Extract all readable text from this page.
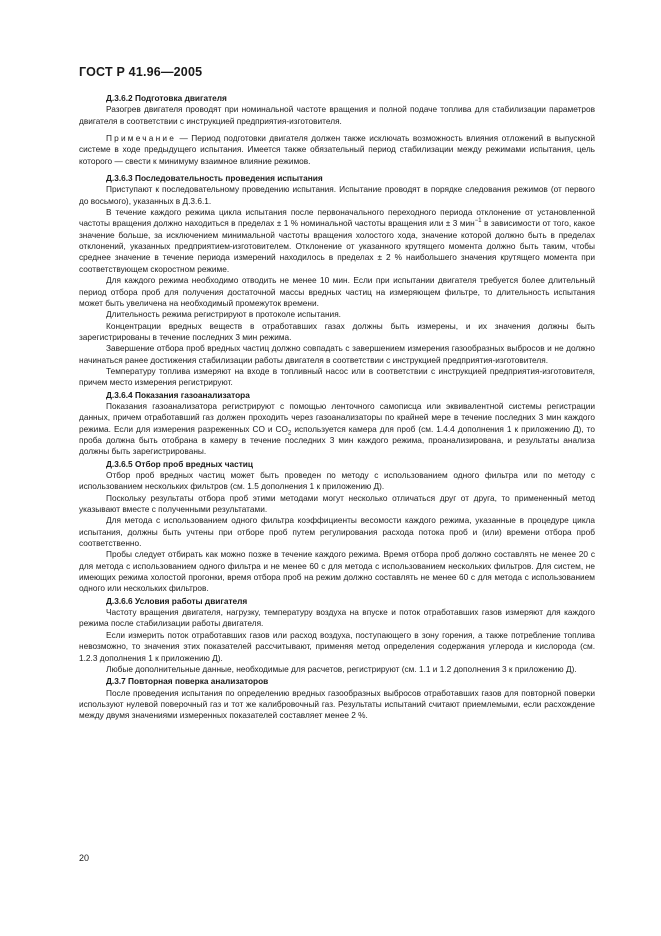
ГОСТ Р 41.96—2005

Д.3.6.2 Подготовка двигателя

Разогрев двигателя проводят при номинальной частоте вращения и полной подаче топлива для стабилизации параметров двигателя в соответствии с инструкцией предприятия-изготовителя.

Примечание — Период подготовки двигателя должен также исключать возможность влияния отложений в выпускной системе в ходе предыдущего испытания. Имеется также обязательный период стабилизации между режимами испытания, цель которого — свести к минимуму взаимное влияние режимов.

Д.3.6.3 Последовательность проведения испытания

Приступают к последовательному проведению испытания. Испытание проводят в порядке следования режимов (от первого до восьмого), указанных в Д.3.6.1.

В течение каждого режима цикла испытания после первоначального переходного периода отклонение от установленной частоты вращения должно находиться в пределах ± 1 % номинальной частоты вращения или ± 3 мин$^{-1}$ в зависимости от того, какое значение больше, за исключением минимальной частоты вращения холостого хода, значение которой должно быть в пределах отклонений, указанных предприятием-изготовителем. Отклонение от указанного крутящего момента должно быть таким, чтобы среднее значение в течение периода измерений находилось в пределах ± 2 % наибольшего значения крутящего момента при соответствующем скоростном режиме.

Для каждого режима необходимо отводить не менее 10 мин. Если при испытании двигателя требуется более длительный период отбора проб для получения достаточной массы вредных частиц на измеряющем фильтре, то длительность испытания может быть увеличена на необходимый промежуток времени.

Длительность режима регистрируют в протоколе испытания.

Концентрации вредных веществ в отработавших газах должны быть измерены, и их значения должны быть зарегистрированы в течение последних 3 мин режима.

Завершение отбора проб вредных частиц должно совпадать с завершением измерения газообразных выбросов и не должно начинаться ранее достижения стабилизации работы двигателя в соответствии с инструкцией предприятия-изготовителя.

Температуру топлива измеряют на входе в топливный насос или в соответствии с инструкцией предприятия-изготовителя, причем место измерения регистрируют.

Д.3.6.4 Показания газоанализатора

Показания газоанализатора регистрируют с помощью ленточного самописца или эквивалентной системы регистрации данных, причем отработавший газ должен проходить через газоанализаторы по крайней мере в течение последних 3 мин каждого режима. Если для измерения разреженных CO и $CO_2$ используется камера для проб (см. 1.4.4 дополнения 1 к приложению Д), то проба должна быть отобрана в камеру в течение последних 3 мин каждого режима, проанализирована, и результаты анализа должны быть зарегистрированы.

Д.3.6.5 Отбор проб вредных частиц

Отбор проб вредных частиц может быть проведен по методу с использованием одного фильтра или по методу с использованием нескольких фильтров (см. 1.5 дополнения 1 к приложению Д).

Поскольку результаты отбора проб этими методами могут несколько отличаться друг от друга, то примененный метод указывают вместе с полученными результатами.

Для метода с использованием одного фильтра коэффициенты весомости каждого режима, указанные в процедуре цикла испытания, должны быть учтены при отборе проб путем регулирования расхода потока проб и (или) времени отбора проб соответственно.

Пробы следует отбирать как можно позже в течение каждого режима. Время отбора проб должно составлять не менее 20 с для метода с использованием одного фильтра и не менее 60 с для метода с использованием нескольких фильтров. Для систем, не имеющих режима холостой прогонки, время отбора проб на режим должно составлять не менее 60 с для метода с использованием одного или нескольких фильтров.

Д.3.6.6 Условия работы двигателя

Частоту вращения двигателя, нагрузку, температуру воздуха на впуске и поток отработавших газов измеряют для каждого режима после стабилизации работы двигателя.

Если измерить поток отработавших газов или расход воздуха, поступающего в зону горения, а также потребление топлива невозможно, то значения этих показателей рассчитывают, применяя метод определения содержания углерода и кислорода (см. 1.2.3 дополнения 1 к приложению Д).

Любые дополнительные данные, необходимые для расчетов, регистрируют (см. 1.1 и 1.2 дополнения 3 к приложению Д).

Д.3.7 Повторная поверка анализаторов

После проведения испытания по определению вредных газообразных выбросов отработавших газов для повторной поверки используют нулевой поверочный газ и тот же калибровочный газ. Результаты испытаний считают приемлемыми, если расхождение между двумя значениями измеренных показателей составляет менее 2 %.

20
